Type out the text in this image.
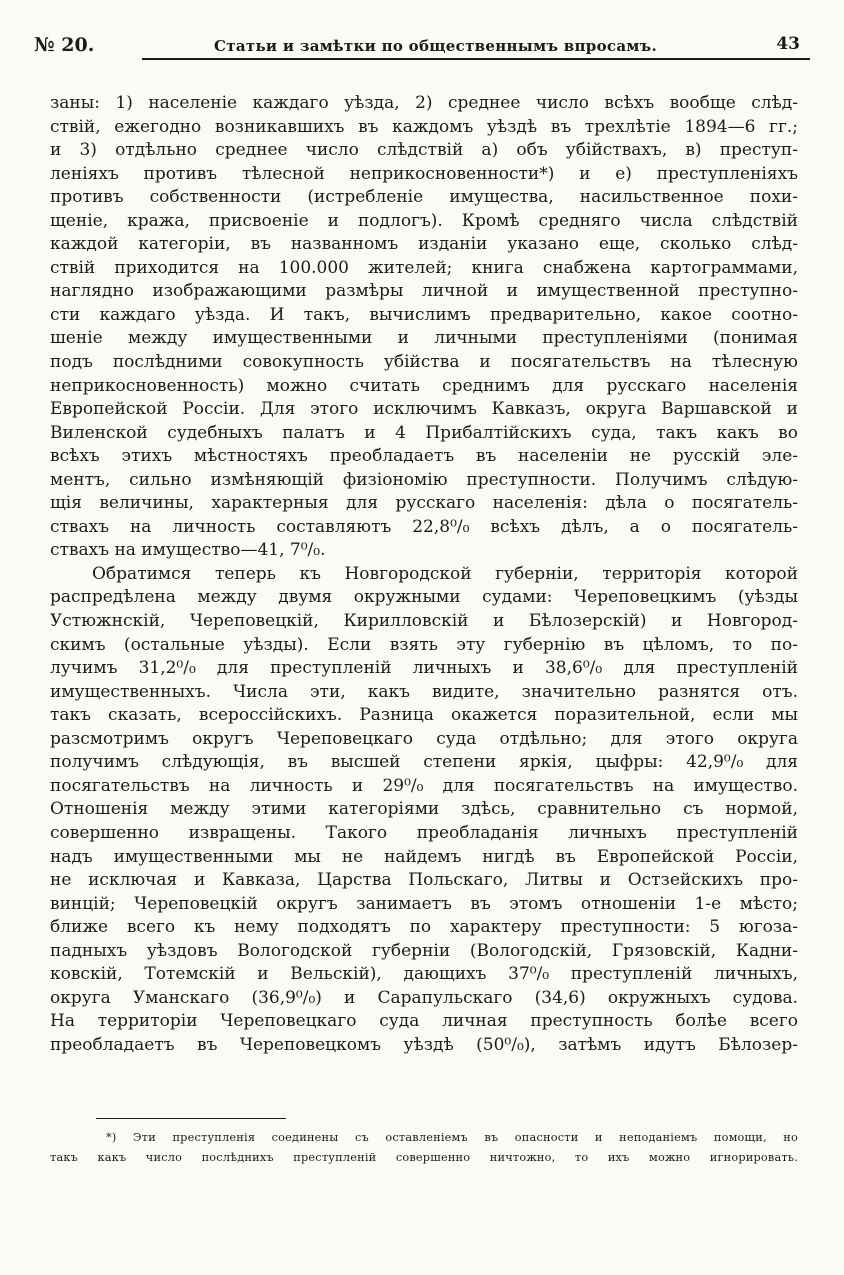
№ 20.	Статьи и замѣтки по общественнымъ впросамъ.	43
заны: 1) населеніе каждаго уѣзда, 2) среднее число всѣхъ вообще слѣд-
ствій, ежегодно возникавшихъ въ каждомъ уѣздѣ въ трехлѣтіе 1894—6 гг.;
и 3) отдѣльно среднее число слѣдствій а) объ убійствахъ, в) преступ-
леніяхъ противъ тѣлесной неприкосновенности*) и е) преступленіяхъ
противъ собственности (истребленіе имущества, насильственное похи-
щеніе, кража, присвоеніе и подлогъ). Кромѣ средняго числа слѣдствій
каждой категоріи, въ названномъ изданіи указано еще, сколько слѣд-
ствій приходится на 100.000 жителей; книга снабжена картограммами,
наглядно изображающими размѣры личной и имущественной преступно-
сти каждаго уѣзда. И такъ, вычислимъ предварительно, какое соотно-
шеніе между имущественными и личными преступленіями (понимая
подъ послѣдними совокупность убійства и посягательствъ на тѣлесную
неприкосновенность) можно считать среднимъ для русскаго населенія
Европейской Россіи. Для этого исключимъ Кавказъ, округа Варшавской и
Виленской судебныхъ палатъ и 4 Прибалтійскихъ суда, такъ какъ во
всѣхъ этихъ мѣстностяхъ преобладаетъ въ населеніи не русскій эле-
ментъ, сильно измѣняющій физіономію преступности. Получимъ слѣдую-
щія величины, характерныя для русскаго населенія: дѣла о посягатель-
ствахъ на личность составляютъ 22,8⁰/₀ всѣхъ дѣлъ, а о посягатель-
ствахъ на имущество—41, 7⁰/₀.
Обратимся теперь къ Новгородской губерніи, территорія которой
распредѣлена между двумя окружными судами: Череповецкимъ (уѣзды
Устюжнскій, Череповецкій, Кирилловскій и Бѣлозерскій) и Новгород-
скимъ (остальные уѣзды). Если взять эту губернію въ цѣломъ, то по-
лучимъ 31,2⁰/₀ для преступленій личныхъ и 38,6⁰/₀ для преступленій
имущественныхъ. Числа эти, какъ видите, значительно разнятся отъ.
такъ сказать, всероссійскихъ. Разница окажется поразительной, если мы
разсмотримъ округъ Череповецкаго суда отдѣльно; для этого округа
получимъ слѣдующія, въ высшей степени яркія, цыфры: 42,9⁰/₀ для
посягательствъ на личность и 29⁰/₀ для посягательствъ на имущество.
Отношенія между этими категоріями здѣсь, сравнительно съ нормой,
совершенно извращены. Такого преобладанія личныхъ преступленій
надъ имущественными мы не найдемъ нигдѣ въ Европейской Россіи,
не исключая и Кавказа, Царства Польскаго, Литвы и Остзейскихъ про-
винцій; Череповецкій округъ занимаетъ въ этомъ отношеніи 1-е мѣсто;
ближе всего къ нему подходятъ по характеру преступности: 5 югоза-
падныхъ уѣздовъ Вологодской губерніи (Вологодскій, Грязовскій, Кадни-
ковскій, Тотемскій и Вельскій), дающихъ 37⁰/₀ преступленій личныхъ,
округа Уманскаго (36,9⁰/₀) и Сарапульскаго (34,6) окружныхъ судова.
На территоріи Череповецкаго суда личная преступность болѣе всего
преобладаетъ въ Череповецкомъ уѣздѣ (50⁰/₀), затѣмъ идутъ Бѣлозер-
*) Эти преступленія соединены съ оставленіемъ въ опасности и неподаніемъ помощи, но
такъ какъ число послѣднихъ преступленій совершенно ничтожно, то ихъ можно игнорировать.
